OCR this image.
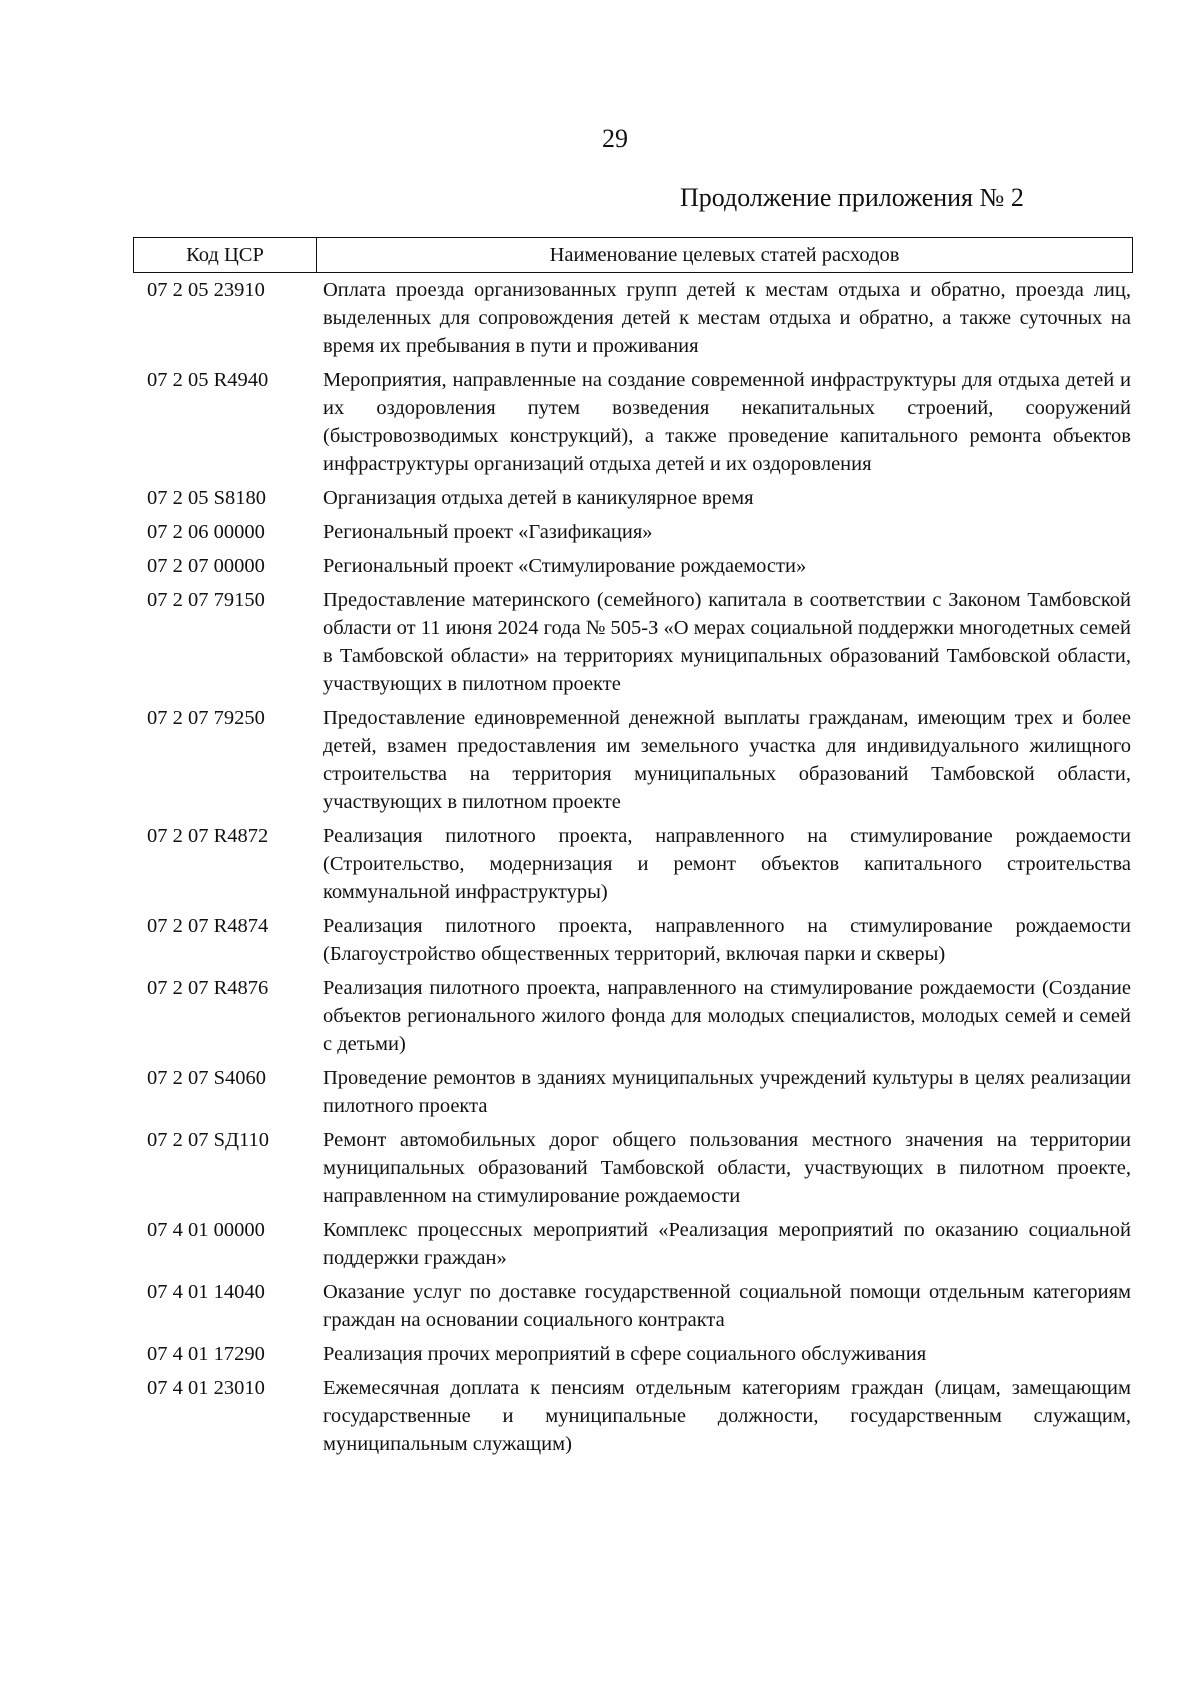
29
Продолжение приложения № 2
Код ЦСР	Наименование целевых статей расходов
07 2 05 23910	Оплата проезда организованных групп детей к местам отдыха и обратно, проезда лиц, выделенных для сопровождения детей к местам отдыха и обратно, а также суточных на время их пребывания в пути и проживания
07 2 05 R4940	Мероприятия, направленные на создание современной инфраструктуры для отдыха детей и их оздоровления путем возведения некапитальных строений, сооружений (быстровозводимых конструкций), а также проведение капитального ремонта объектов инфраструктуры организаций отдыха детей и их оздоровления
07 2 05 S8180	Организация отдыха детей в каникулярное время
07 2 06 00000	Региональный проект «Газификация»
07 2 07 00000	Региональный проект «Стимулирование рождаемости»
07 2 07 79150	Предоставление материнского (семейного) капитала в соответствии с Законом Тамбовской области от 11 июня 2024 года № 505-З «О мерах социальной поддержки многодетных семей в Тамбовской области» на территориях муниципальных образований Тамбовской области, участвующих в пилотном проекте
07 2 07 79250	Предоставление единовременной денежной выплаты гражданам, имеющим трех и более детей, взамен предоставления им земельного участка для индивидуального жилищного строительства на территория муниципальных образований Тамбовской области, участвующих в пилотном проекте
07 2 07 R4872	Реализация пилотного проекта, направленного на стимулирование рождаемости (Строительство, модернизация и ремонт объектов капитального строительства коммунальной инфраструктуры)
07 2 07 R4874	Реализация пилотного проекта, направленного на стимулирование рождаемости (Благоустройство общественных территорий, включая парки и скверы)
07 2 07 R4876	Реализация пилотного проекта, направленного на стимулирование рождаемости (Создание объектов регионального жилого фонда для молодых специалистов, молодых семей и семей с детьми)
07 2 07 S4060	Проведение ремонтов в зданиях муниципальных учреждений культуры в целях реализации пилотного проекта
07 2 07 SД110	Ремонт автомобильных дорог общего пользования местного значения на территории муниципальных образований Тамбовской области, участвующих в пилотном проекте, направленном на стимулирование рождаемости
07 4 01 00000	Комплекс процессных мероприятий «Реализация мероприятий по оказанию социальной поддержки граждан»
07 4 01 14040	Оказание услуг по доставке государственной социальной помощи отдельным категориям граждан на основании социального контракта
07 4 01 17290	Реализация прочих мероприятий в сфере социального обслуживания
07 4 01 23010	Ежемесячная доплата к пенсиям отдельным категориям граждан (лицам, замещающим государственные и муниципальные должности, государственным служащим, муниципальным служащим)
